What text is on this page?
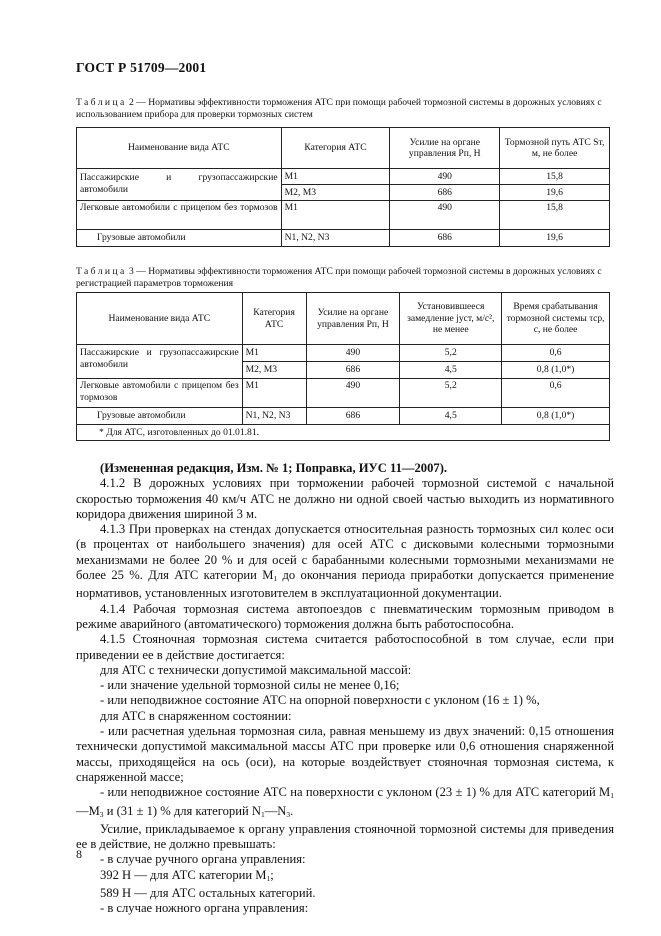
ГОСТ Р 51709—2001
Таблица 2 — Нормативы эффективности торможения АТС при помощи рабочей тормозной системы в дорожных условиях с использованием прибора для проверки тормозных систем
Наименование вида АТС	Категория АТС	Усилие на органе управления Pп, Н	Тормозной путь АТС Sт, м, не более
Пассажирские и грузопассажирские автомобили	M1	490	15,8
	M2, M3	686	19,6
Легковые автомобили с прицепом без тормозов	M1	490	15,8
Грузовые автомобили	N1, N2, N3	686	19,6
Таблица 3 — Нормативы эффективности торможения АТС при помощи рабочей тормозной системы в дорожных условиях с регистрацией параметров торможения
Наименование вида АТС	Категория АТС	Усилие на органе управления Pп, Н	Установившееся замедление jуст, м/с², не менее	Время срабатывания тормозной системы τср, с, не более
Пассажирские и грузопассажирские автомобили	M1	490	5,2	0,6
	M2, M3	686	4,5	0,8 (1,0*)
Легковые автомобили с прицепом без тормозов	M1	490	5,2	0,6
Грузовые автомобили	N1, N2, N3	686	4,5	0,8 (1,0*)
* Для АТС, изготовленных до 01.01.81.				

(Измененная редакция, Изм. № 1; Поправка, ИУС 11—2007).

4.1.2 В дорожных условиях при торможении рабочей тормозной системой с начальной скоростью торможения 40 км/ч АТС не должно ни одной своей частью выходить из нормативного коридора движения шириной 3 м.

4.1.3 При проверках на стендах допускается относительная разность тормозных сил колес оси (в процентах от наибольшего значения) для осей АТС с дисковыми колесными тормозными механизмами не более 20 % и для осей с барабанными колесными тормозными механизмами не более 25 %. Для АТС категории $M_1$ до окончания периода приработки допускается применение нормативов, установленных изготовителем в эксплуатационной документации.

4.1.4 Рабочая тормозная система автопоездов с пневматическим тормозным приводом в режиме аварийного (автоматического) торможения должна быть работоспособна.

4.1.5 Стояночная тормозная система считается работоспособной в том случае, если при приведении ее в действие достигается:

для АТС с технически допустимой максимальной массой:

- или значение удельной тормозной силы не менее 0,16;

- или неподвижное состояние АТС на опорной поверхности с уклоном (16 ± 1) %,

для АТС в снаряженном состоянии:

- или расчетная удельная тормозная сила, равная меньшему из двух значений: 0,15 отношения технически допустимой максимальной массы АТС при проверке или 0,6 отношения снаряженной массы, приходящейся на ось (оси), на которые воздействует стояночная тормозная система, к снаряженной массе;

- или неподвижное состояние АТС на поверхности с уклоном (23 ± 1) % для АТС категорий $M_1—M_3$ и (31 ± 1) % для категорий $N_1—N_3$.

Усилие, прикладываемое к органу управления стояночной тормозной системы для приведения ее в действие, не должно превышать:

- в случае ручного органа управления:

392 Н — для АТС категории $M_1$;

589 Н — для АТС остальных категорий.

- в случае ножного органа управления:

8
